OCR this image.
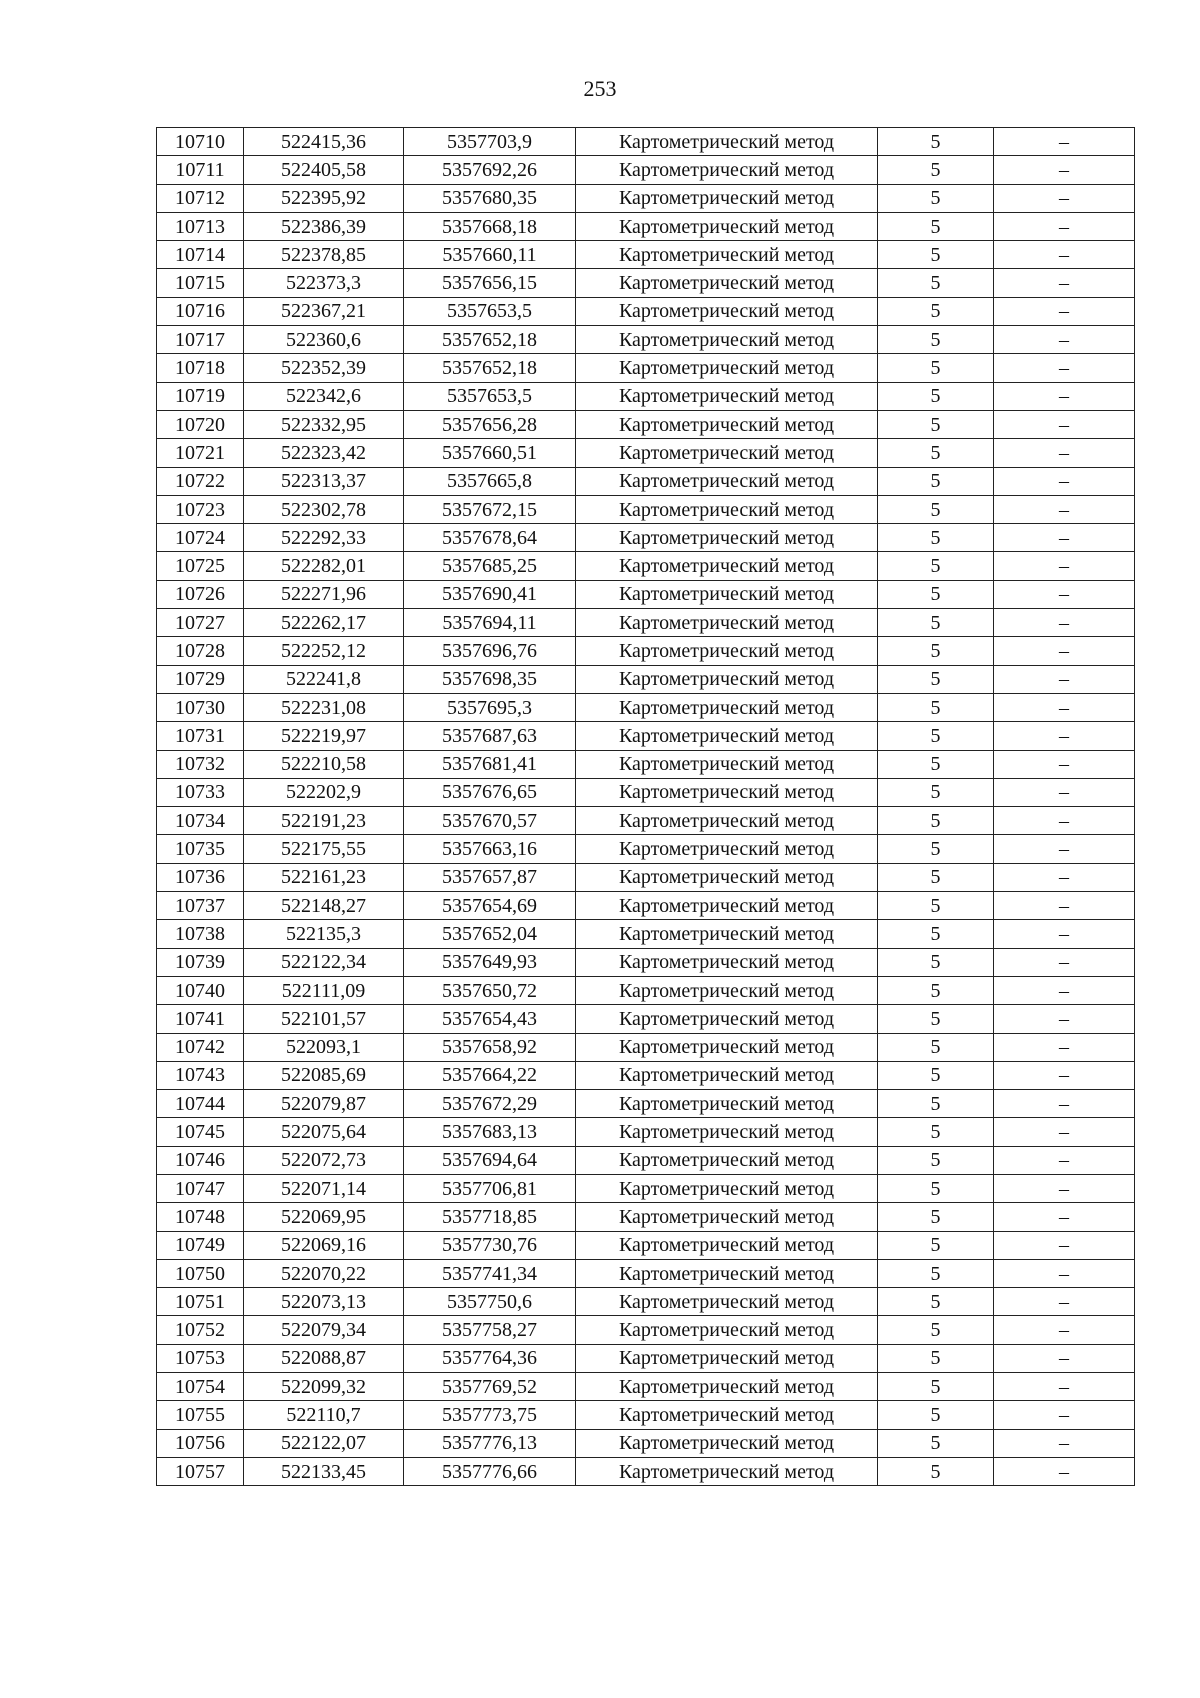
253
10710	522415,36	5357703,9	Картометрический метод	5	–
10711	522405,58	5357692,26	Картометрический метод	5	–
10712	522395,92	5357680,35	Картометрический метод	5	–
10713	522386,39	5357668,18	Картометрический метод	5	–
10714	522378,85	5357660,11	Картометрический метод	5	–
10715	522373,3	5357656,15	Картометрический метод	5	–
10716	522367,21	5357653,5	Картометрический метод	5	–
10717	522360,6	5357652,18	Картометрический метод	5	–
10718	522352,39	5357652,18	Картометрический метод	5	–
10719	522342,6	5357653,5	Картометрический метод	5	–
10720	522332,95	5357656,28	Картометрический метод	5	–
10721	522323,42	5357660,51	Картометрический метод	5	–
10722	522313,37	5357665,8	Картометрический метод	5	–
10723	522302,78	5357672,15	Картометрический метод	5	–
10724	522292,33	5357678,64	Картометрический метод	5	–
10725	522282,01	5357685,25	Картометрический метод	5	–
10726	522271,96	5357690,41	Картометрический метод	5	–
10727	522262,17	5357694,11	Картометрический метод	5	–
10728	522252,12	5357696,76	Картометрический метод	5	–
10729	522241,8	5357698,35	Картометрический метод	5	–
10730	522231,08	5357695,3	Картометрический метод	5	–
10731	522219,97	5357687,63	Картометрический метод	5	–
10732	522210,58	5357681,41	Картометрический метод	5	–
10733	522202,9	5357676,65	Картометрический метод	5	–
10734	522191,23	5357670,57	Картометрический метод	5	–
10735	522175,55	5357663,16	Картометрический метод	5	–
10736	522161,23	5357657,87	Картометрический метод	5	–
10737	522148,27	5357654,69	Картометрический метод	5	–
10738	522135,3	5357652,04	Картометрический метод	5	–
10739	522122,34	5357649,93	Картометрический метод	5	–
10740	522111,09	5357650,72	Картометрический метод	5	–
10741	522101,57	5357654,43	Картометрический метод	5	–
10742	522093,1	5357658,92	Картометрический метод	5	–
10743	522085,69	5357664,22	Картометрический метод	5	–
10744	522079,87	5357672,29	Картометрический метод	5	–
10745	522075,64	5357683,13	Картометрический метод	5	–
10746	522072,73	5357694,64	Картометрический метод	5	–
10747	522071,14	5357706,81	Картометрический метод	5	–
10748	522069,95	5357718,85	Картометрический метод	5	–
10749	522069,16	5357730,76	Картометрический метод	5	–
10750	522070,22	5357741,34	Картометрический метод	5	–
10751	522073,13	5357750,6	Картометрический метод	5	–
10752	522079,34	5357758,27	Картометрический метод	5	–
10753	522088,87	5357764,36	Картометрический метод	5	–
10754	522099,32	5357769,52	Картометрический метод	5	–
10755	522110,7	5357773,75	Картометрический метод	5	–
10756	522122,07	5357776,13	Картометрический метод	5	–
10757	522133,45	5357776,66	Картометрический метод	5	–
